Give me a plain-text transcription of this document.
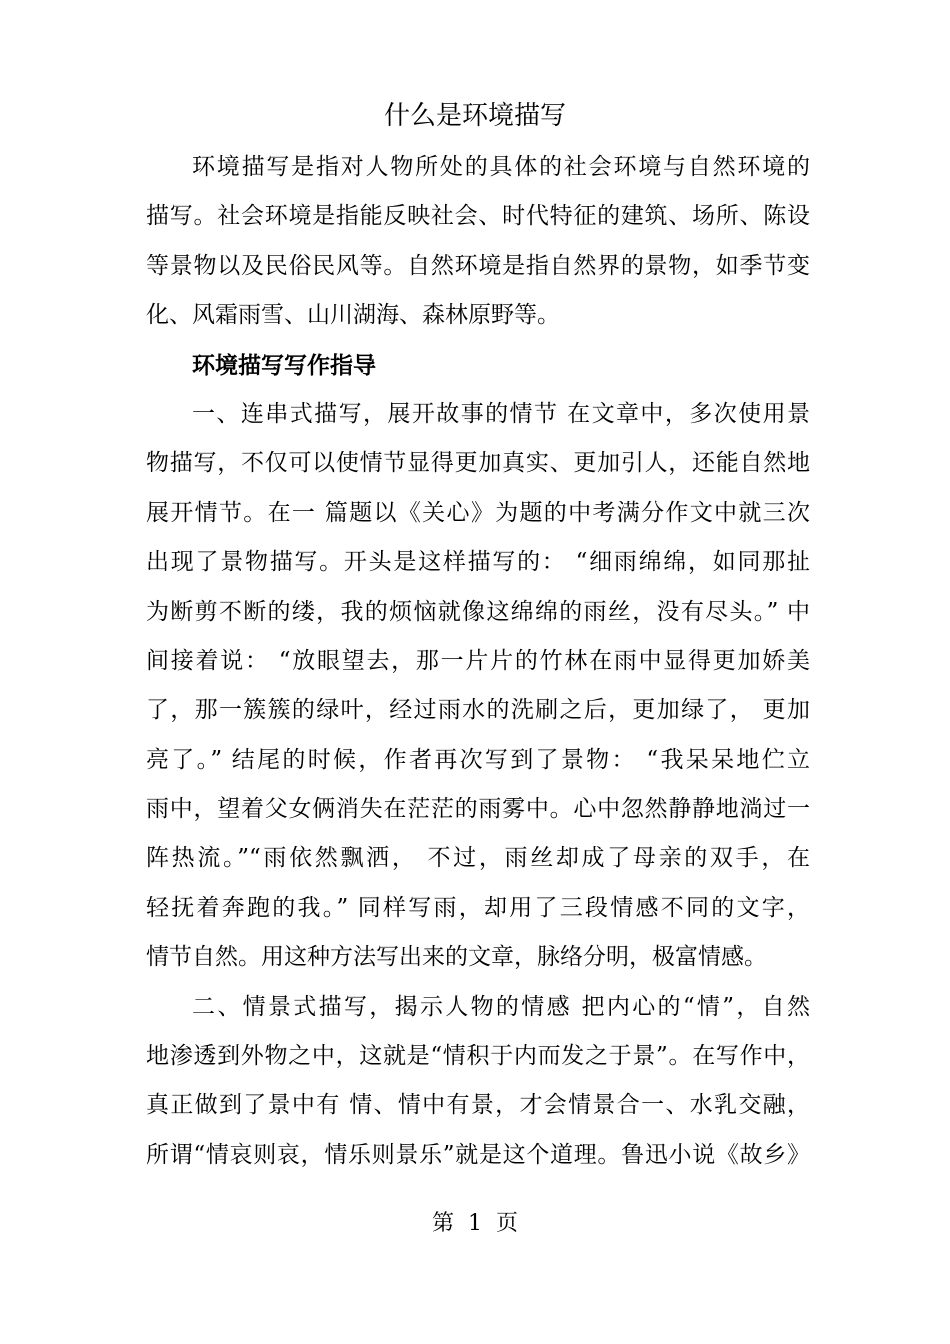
什么是环境描写
环境描写是指对人物所处的具体的社会环境与自然环境的
描写。社会环境是指能反映社会、时代特征的建筑、场所、陈设
等景物以及民俗民风等。自然环境是指自然界的景物，如季节变
化、风霜雨雪、山川湖海、森林原野等。
环境描写写作指导
一、连串式描写，展开故事的情节 在文章中，多次使用景
物描写，不仅可以使情节显得更加真实、更加引人，还能自然地
展开情节。在一 篇题以《关心》为题的中考满分作文中就三次
出现了景物描写。开头是这样描写的： “细雨绵绵，如同那扯
为断剪不断的缕，我的烦恼就像这绵绵的雨丝，没有尽头。” 中
间接着说： “放眼望去，那一片片的竹林在雨中显得更加娇美
了，那一簇簇的绿叶，经过雨水的洗刷之后，更加绿了， 更加
亮了。” 结尾的时候，作者再次写到了景物： “我呆呆地伫立
雨中，望着父女俩消失在茫茫的雨雾中。心中忽然静静地淌过一
阵热流。”“雨依然飘洒， 不过，雨丝却成了母亲的双手，在
轻抚着奔跑的我。” 同样写雨，却用了三段情感不同的文字，
情节自然。用这种方法写出来的文章，脉络分明，极富情感。
二、情景式描写，揭示人物的情感 把内心的“情”，自然
地渗透到外物之中，这就是“情积于内而发之于景”。在写作中，
真正做到了景中有 情、情中有景，才会情景合一、水乳交融，
所谓“情哀则哀，情乐则景乐”就是这个道理。鲁迅小说《故乡》
第  1  页
